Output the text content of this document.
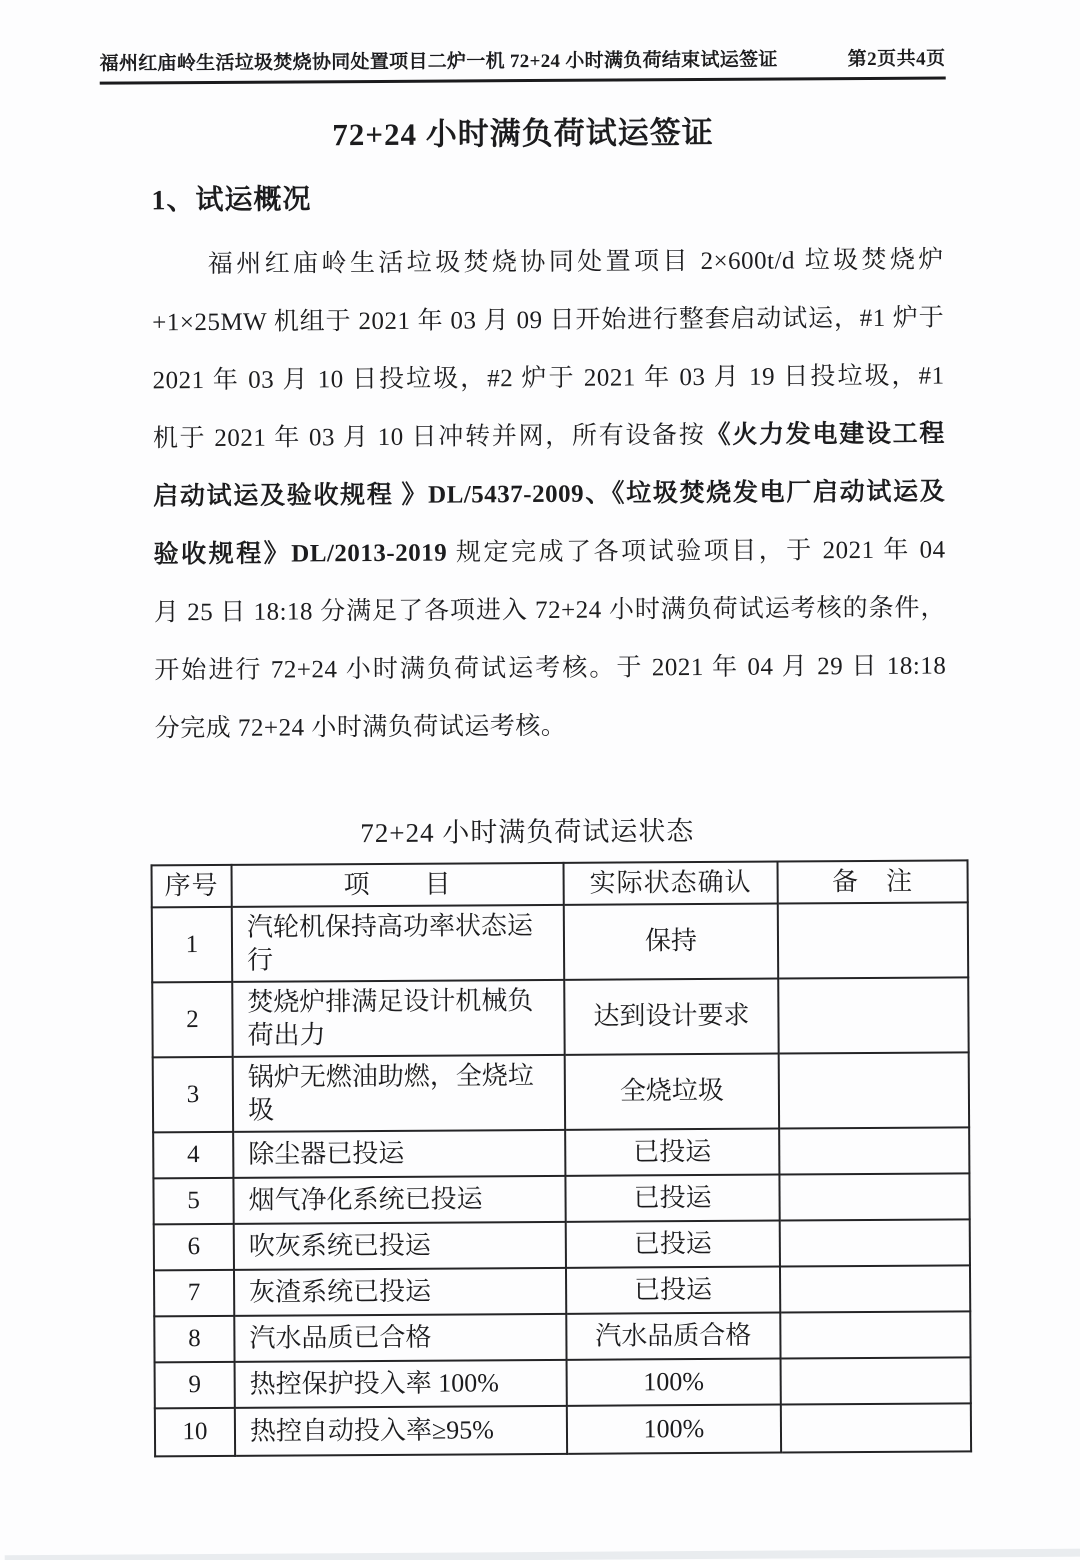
福州红庙岭生活垃圾焚烧协同处置项目二炉一机 72+24 小时满负荷结束试运签证	第2页共4页
72+24 小时满负荷试运签证
1、试运概况
福州红庙岭生活垃圾焚烧协同处置项目 2×600t/d 垃圾焚烧炉
+1×25MW 机组于 2021 年 03 月 09 日开始进行整套启动试运，#1 炉于
2021 年 03 月 10 日投垃圾，#2 炉于 2021 年 03 月 19 日投垃圾，#1
机于 2021 年 03 月 10 日冲转并网，所有设备按《火力发电建设工程
启动试运及验收规程 》DL/5437-2009、《垃圾焚烧发电厂启动试运及
验收规程》DL/2013-2019 规定完成了各项试验项目，于 2021 年 04
月 25 日 18:18 分满足了各项进入 72+24 小时满负荷试运考核的条件，
开始进行 72+24 小时满负荷试运考核。于 2021 年 04 月 29 日 18:18
分完成 72+24 小时满负荷试运考核。
72+24 小时满负荷试运状态
序号	项　　目	实际状态确认	备　注
1	汽轮机保持高功率状态运行	保持	
2	焚烧炉排满足设计机械负荷出力	达到设计要求	
3	锅炉无燃油助燃，全烧垃圾	全烧垃圾	
4	除尘器已投运	已投运	
5	烟气净化系统已投运	已投运	
6	吹灰系统已投运	已投运	
7	灰渣系统已投运	已投运	
8	汽水品质已合格	汽水品质合格	
9	热控保护投入率 100%	100%	
10	热控自动投入率≥95%	100%	
